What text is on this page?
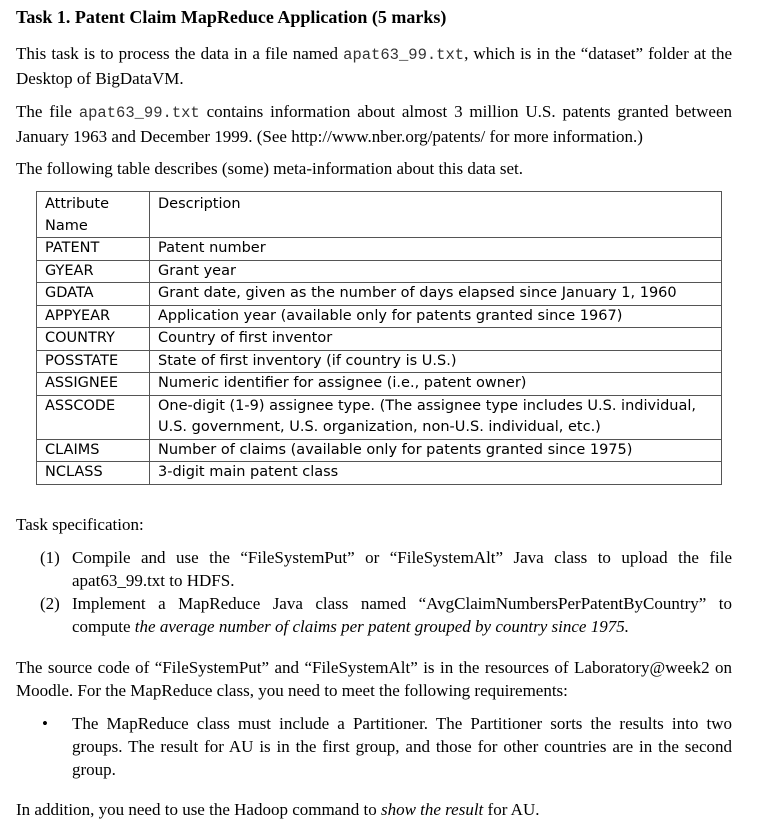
Task 1. Patent Claim MapReduce Application (5 marks)
This task is to process the data in a file named apat63_99.txt, which is in the “dataset” folder at the Desktop of BigDataVM.
The file apat63_99.txt contains information about almost 3 million U.S. patents granted between January 1963 and December 1999. (See http://www.nber.org/patents/ for more information.)
The following table describes (some) meta-information about this data set.
Attribute Name	Description
PATENT	Patent number
GYEAR	Grant year
GDATA	Grant date, given as the number of days elapsed since January 1, 1960
APPYEAR	Application year (available only for patents granted since 1967)
COUNTRY	Country of first inventor
POSSTATE	State of first inventory (if country is U.S.)
ASSIGNEE	Numeric identifier for assignee (i.e., patent owner)
ASSCODE	One-digit (1-9) assignee type. (The assignee type includes U.S. individual, U.S. government, U.S. organization, non-U.S. individual, etc.)
CLAIMS	Number of claims (available only for patents granted since 1975)
NCLASS	3-digit main patent class
Task specification:
(1) Compile and use the “FileSystemPut” or “FileSystemAlt” Java class to upload the file apat63_99.txt to HDFS.
(2) Implement a MapReduce Java class named “AvgClaimNumbersPerPatentByCountry” to compute the average number of claims per patent grouped by country since 1975.
The source code of “FileSystemPut” and “FileSystemAlt” is in the resources of Laboratory@week2 on Moodle. For the MapReduce class, you need to meet the following requirements:
• The MapReduce class must include a Partitioner. The Partitioner sorts the results into two groups. The result for AU is in the first group, and those for other countries are in the second group.
In addition, you need to use the Hadoop command to show the result for AU.
